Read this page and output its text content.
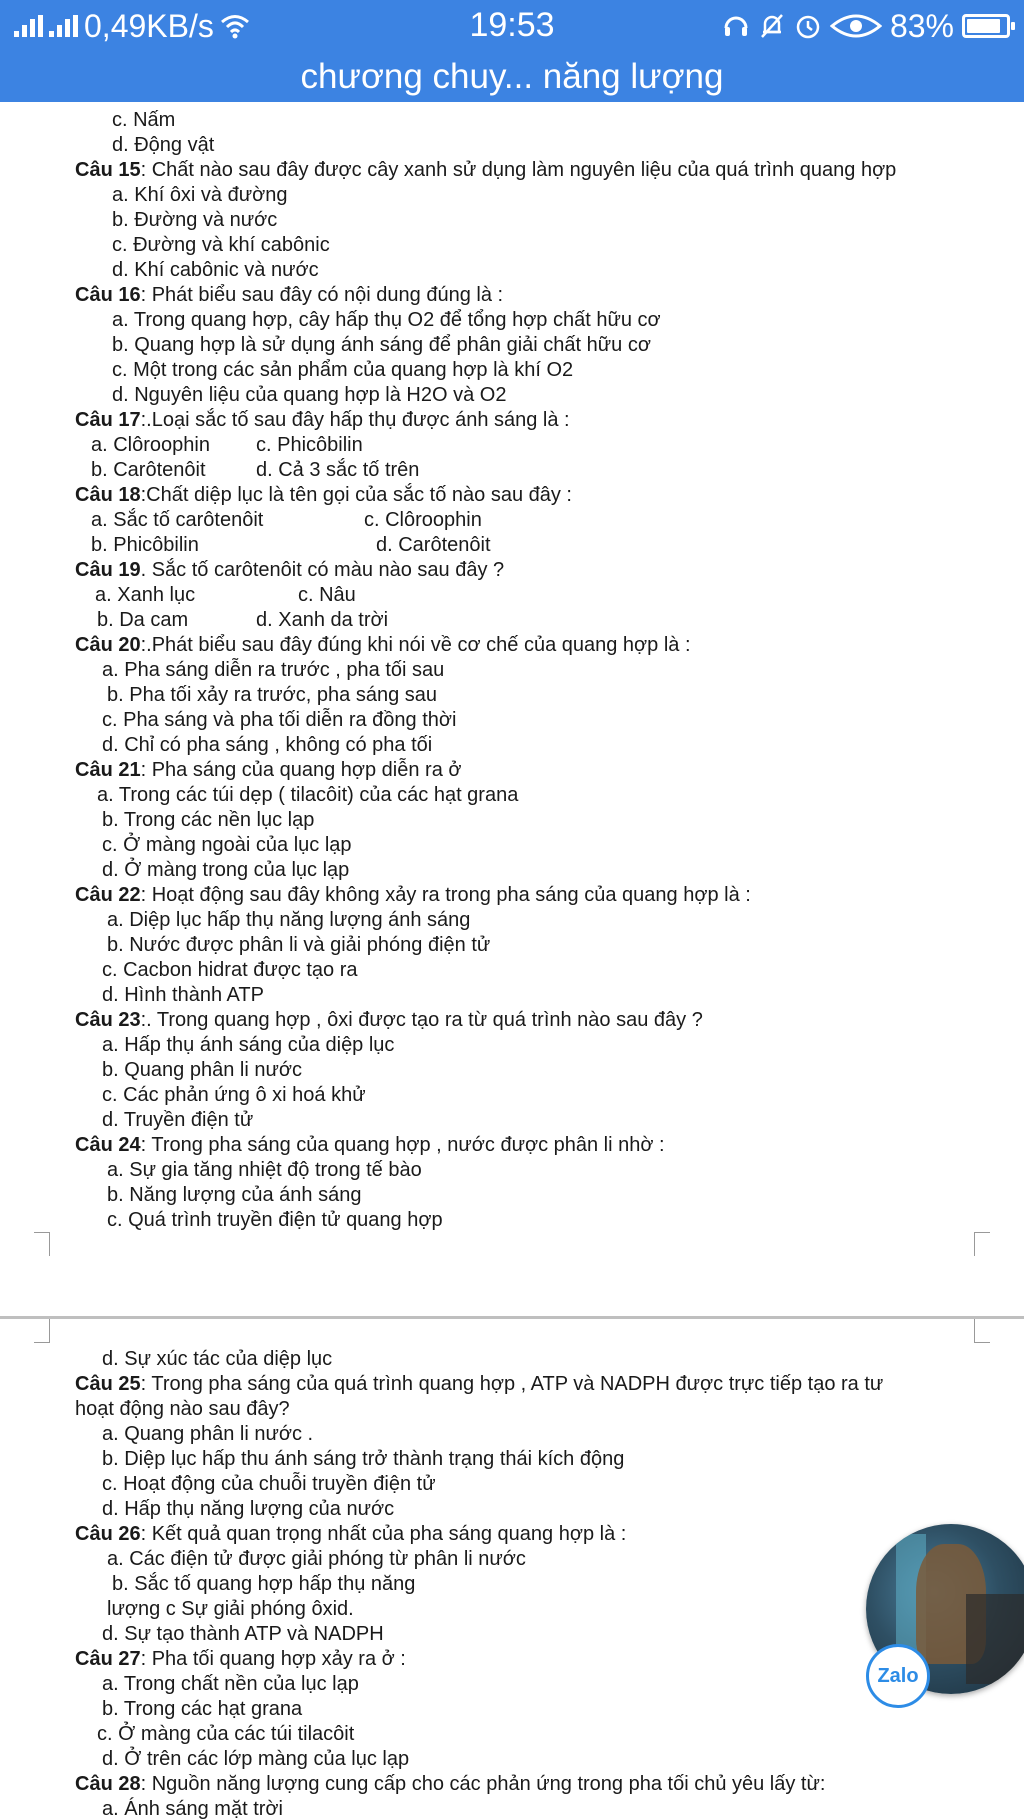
0,49KB/s	19:53	83%
chương chuy... năng lượng
c. Nấm
d. Động vật
Câu 15: Chất nào sau đây được cây xanh sử dụng làm nguyên liệu của quá trình quang hợp
a. Khí ôxi và đường
b. Đường và nước
c. Đường và khí cabônic
d. Khí cabônic và nước
Câu 16: Phát biểu sau đây có nội dung đúng là :
a. Trong quang hợp, cây hấp thụ O2 để tổng hợp chất hữu cơ
b. Quang hợp là sử dụng ánh sáng để phân giải chất hữu cơ
c. Một trong các sản phẩm của quang hợp là khí O2
d. Nguyên liệu của quang hợp là H2O và O2
Câu 17:.Loại sắc tố sau đây hấp thụ được ánh sáng là :
a. Clôroophin c. Phicôbilin
b. Carôtenôit	d. Cả 3 sắc tố trên
Câu 18:Chất diệp lục là tên gọi của sắc tố nào sau đây :
a. Sắc tố carôtenôit	c. Clôroophin
b. Phicôbilin	d. Carôtenôit
Câu 19. Sắc tố carôtenôit có màu nào sau đây ?
a. Xanh lục	c. Nâu
b. Da cam	d. Xanh da trời
Câu 20:.Phát biểu sau đây đúng khi nói về cơ chế của quang hợp là :
a. Pha sáng diễn ra trước , pha tối sau
b. Pha tối xảy ra trước, pha sáng sau
c. Pha sáng và pha tối diễn ra đồng thời
d. Chỉ có pha sáng , không có pha tối
Câu 21: Pha sáng của quang hợp diễn ra ở
a. Trong các túi dẹp ( tilacôit) của các hạt grana
b. Trong các nền lục lạp
c. Ở màng ngoài của lục lạp
d. Ở màng trong của lục lạp
Câu 22: Hoạt động sau đây không xảy ra trong pha sáng của quang hợp là :
a. Diệp lục hấp thụ năng lượng ánh sáng
b. Nước được phân li và giải phóng điện tử
c. Cacbon hidrat được tạo ra
d. Hình thành ATP
Câu 23:. Trong quang hợp , ôxi được tạo ra từ quá trình nào sau đây ?
a. Hấp thụ ánh sáng của diệp lục
b. Quang phân li nước
c. Các phản ứng ô xi hoá khử
d. Truyền điện tử
Câu 24: Trong pha sáng của quang hợp , nước được phân li nhờ :
a. Sự gia tăng nhiệt độ trong tế bào
b. Năng lượng của ánh sáng
c. Quá trình truyền điện tử quang hợp
d. Sự xúc tác của diệp lục
Câu 25: Trong pha sáng của quá trình quang hợp , ATP và NADPH được trực tiếp tạo ra tư
hoạt động nào sau đây?
a. Quang phân li nước .
b. Diệp lục hấp thu ánh sáng trở thành trạng thái kích động
c. Hoạt động của chuỗi truyền điện tử
d. Hấp thụ năng lượng của nước
Câu 26: Kết quả quan trọng nhất của pha sáng quang hợp là :
a. Các điện tử được giải phóng từ phân li nước
b. Sắc tố quang hợp hấp thụ năng
lượng c Sự giải phóng ôxid.
d. Sự tạo thành ATP và NADPH
Câu 27: Pha tối quang hợp xảy ra ở :
a. Trong chất nền của lục lạp
b. Trong các hạt grana
c. Ở màng của các túi tilacôit
d. Ở trên các lớp màng của lục lạp
Câu 28: Nguồn năng lượng cung cấp cho các phản ứng trong pha tối chủ yêu lấy từ:
a. Ánh sáng mặt trời
Zalo
